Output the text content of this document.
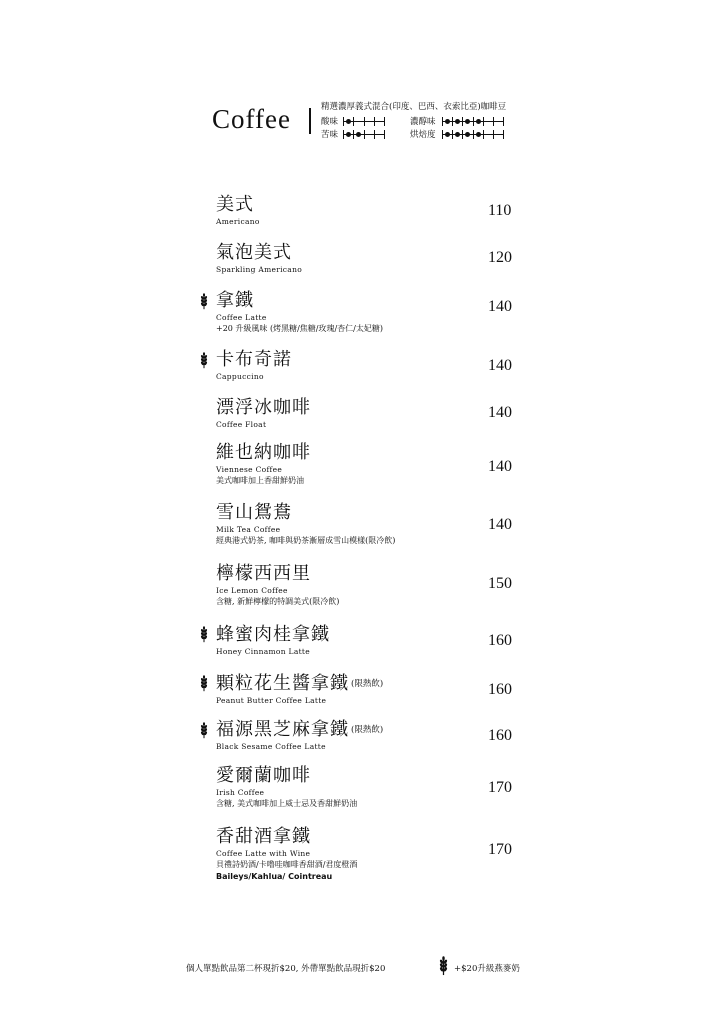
Coffee	精選濃厚義式混合(印度、巴西、衣索比亞)咖啡豆
酸味
苦味
濃醇味
烘焙度
美式
Americano
110
氣泡美式
Sparkling Americano
120
拿鐵
Coffee Latte
+20 升級風味 (烤黑糖/焦糖/玫瑰/杏仁/太妃糖)
140
卡布奇諾
Cappuccino
140
漂浮冰咖啡
Coffee Float
140
維也納咖啡
Viennese Coffee
美式咖啡加上香甜鮮奶油
140
雪山鴛鴦
Milk Tea Coffee
經典港式奶茶, 咖啡與奶茶漸層成雪山模樣(限冷飲)
140
檸檬西西里
Ice Lemon Coffee
含糖, 新鮮檸檬的特調美式(限冷飲)
150
蜂蜜肉桂拿鐵
Honey Cinnamon Latte
160
顆粒花生醬拿鐵 (限熱飲)
Peanut Butter Coffee Latte
160
福源黑芝麻拿鐵 (限熱飲)
Black Sesame Coffee Latte
160
愛爾蘭咖啡
Irish Coffee
含糖, 美式咖啡加上威士忌及香甜鮮奶油
170
香甜酒拿鐵
Coffee Latte with Wine
貝禮詩奶酒/卡噜哇咖啡香甜酒/君度橙酒
Baileys/Kahlua/ Cointreau
170
個人單點飲品第二杯現折$20, 外帶單點飲品現折$20	+$20升級燕麥奶
